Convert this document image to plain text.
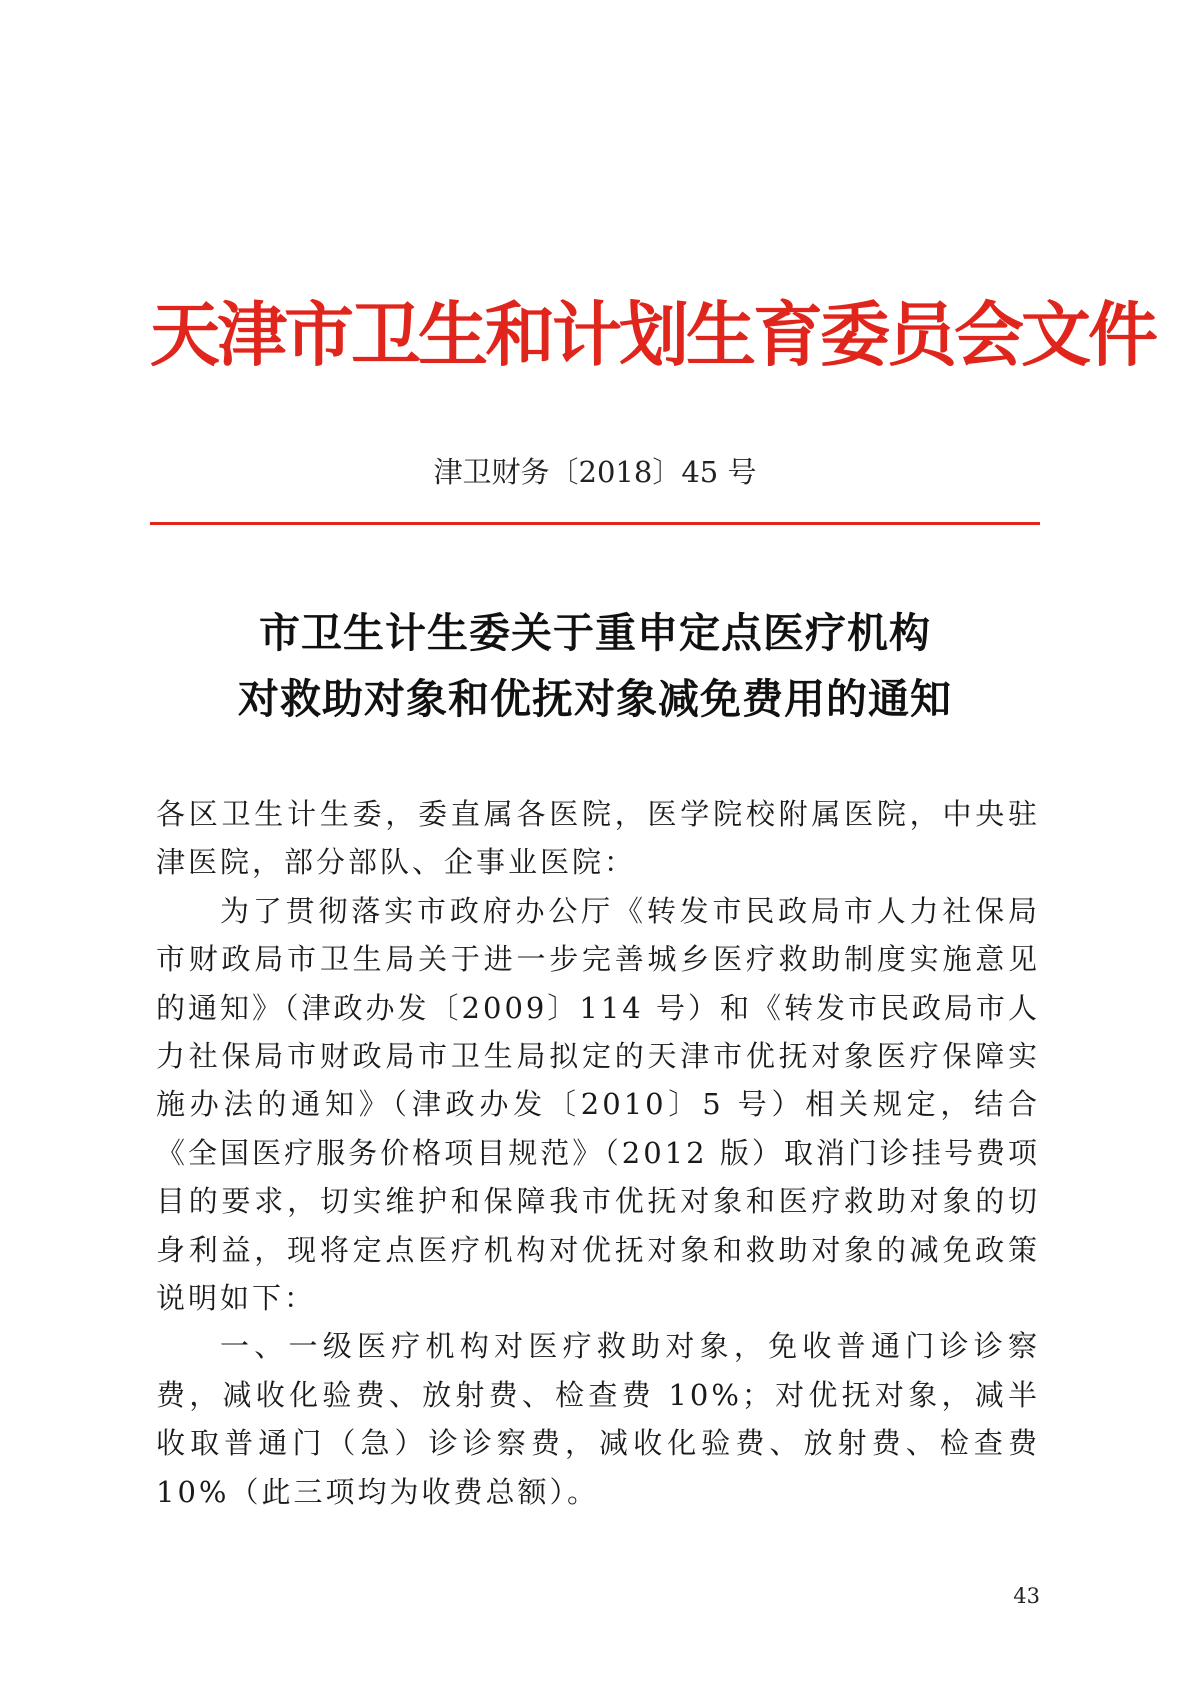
天津市卫生和计划生育委员会文件
津卫财务〔2018〕45 号
市卫生计生委关于重申定点医疗机构
对救助对象和优抚对象减免费用的通知

各区卫生计生委，委直属各医院，医学院校附属医院，中央驻津医院，部分部队、企事业医院：

为了贯彻落实市政府办公厅《转发市民政局市人力社保局市财政局市卫生局关于进一步完善城乡医疗救助制度实施意见的通知》（津政办发〔2009〕114 号）和《转发市民政局市人力社保局市财政局市卫生局拟定的天津市优抚对象医疗保障实施办法的通知》（津政办发〔2010〕5 号）相关规定，结合《全国医疗服务价格项目规范》（2012 版）取消门诊挂号费项目的要求，切实维护和保障我市优抚对象和医疗救助对象的切身利益，现将定点医疗机构对优抚对象和救助对象的减免政策说明如下：

一、一级医疗机构对医疗救助对象，免收普通门诊诊察费，减收化验费、放射费、检查费 10%；对优抚对象，减半收取普通门（急）诊诊察费，减收化验费、放射费、检查费 10%（此三项均为收费总额）。

43
